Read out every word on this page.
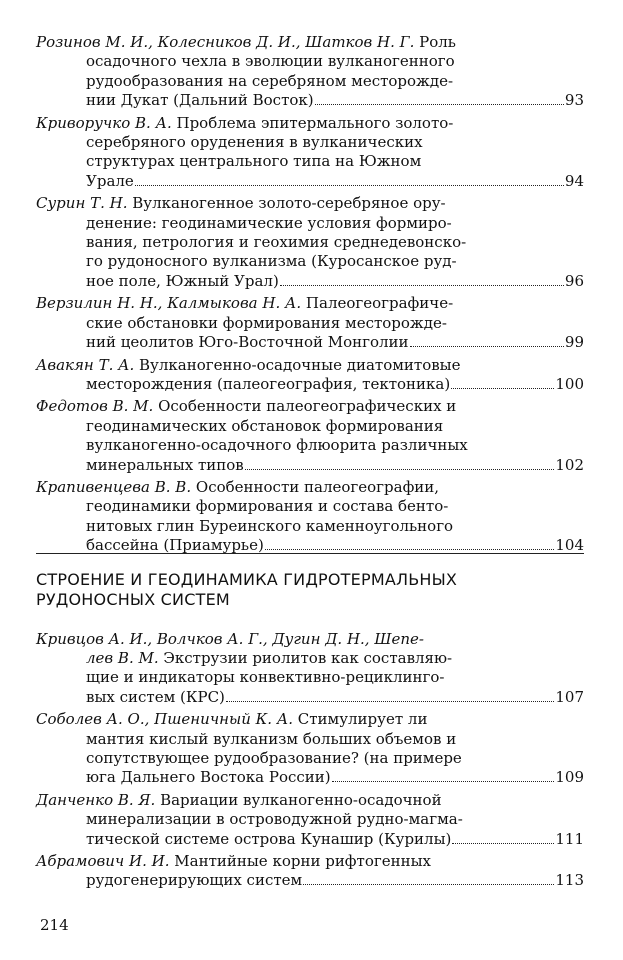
Розинов М. И., Колесников Д. И., Шатков Н. Г. Роль
осадочного чехла в эволюции вулканогенного
рудообразования на серебряном месторожде-
нии Дукат (Дальний Восток)	93
Криворучко В. А. Проблема эпитермального золото-
серебряного оруденения в вулканических
структурах центрального типа на Южном
Урале	94
Сурин Т. Н. Вулканогенное золото-серебряное ору-
денение: геодинамические условия формиро-
вания, петрология и геохимия среднедевонско-
го рудоносного вулканизма (Куросанское руд-
ное поле, Южный Урал)	96
Верзилин Н. Н., Калмыкова Н. А. Палеогеографиче-
ские обстановки формирования месторожде-
ний цеолитов Юго-Восточной Монголии	99
Авакян Т. А. Вулканогенно-осадочные диатомитовые
месторождения (палеогеография, тектоника)	100
Федотов В. М. Особенности палеогеографических и
геодинамических обстановок формирования
вулканогенно-осадочного флюорита различных
минеральных типов	102
Крапивенцева В. В. Особенности палеогеографии,
геодинамики формирования и состава бенто-
нитовых глин Буреинского каменноугольного
бассейна (Приамурье)	104
СТРОЕНИЕ И ГЕОДИНАМИКА ГИДРОТЕРМАЛЬНЫХ
РУДОНОСНЫХ СИСТЕМ
Кривцов А. И., Волчков А. Г., Дугин Д. Н., Шепе-
лев В. М. Экструзии риолитов как составляю-
щие и индикаторы конвективно-рециклинго-
вых систем (КРС)	107
Соболев А. О., Пшеничный К. А. Стимулирует ли
мантия кислый вулканизм больших объемов и
сопутствующее рудообразование? (на примере
юга Дальнего Востока России)	109
Данченко В. Я. Вариации вулканогенно-осадочной
минерализации в островодужной рудно-магма-
тической системе острова Кунашир (Курилы)	111
Абрамович И. И. Мантийные корни рифтогенных
рудогенерирующих систем	113
214
